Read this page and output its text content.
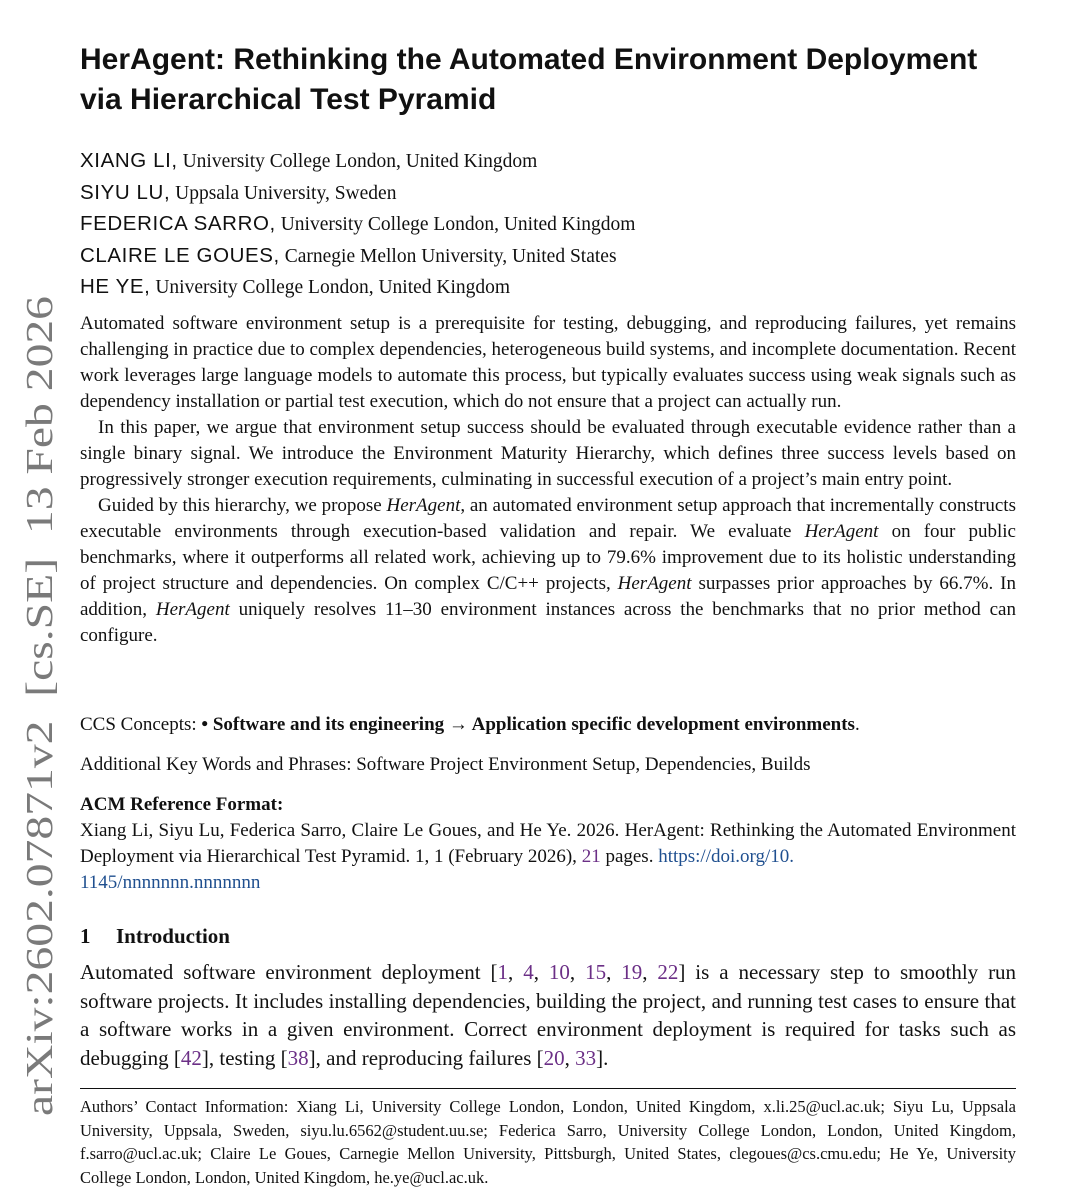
arXiv:2602.07871v2  [cs.SE]  13 Feb 2026
HerAgent: Rethinking the Automated Environment Deployment via Hierarchical Test Pyramid
XIANG LI, University College London, United Kingdom
SIYU LU, Uppsala University, Sweden
FEDERICA SARRO, University College London, United Kingdom
CLAIRE LE GOUES, Carnegie Mellon University, United States
HE YE, University College London, United Kingdom

Automated software environment setup is a prerequisite for testing, debugging, and reproducing failures, yet remains challenging in practice due to complex dependencies, heterogeneous build systems, and incomplete documentation. Recent work leverages large language models to automate this process, but typically evaluates success using weak signals such as dependency installation or partial test execution, which do not ensure that a project can actually run.

In this paper, we argue that environment setup success should be evaluated through executable evidence rather than a single binary signal. We introduce the Environment Maturity Hierarchy, which defines three success levels based on progressively stronger execution requirements, culminating in successful execution of a project’s main entry point.

Guided by this hierarchy, we propose HerAgent, an automated environment setup approach that incrementally constructs executable environments through execution-based validation and repair. We evaluate HerAgent on four public benchmarks, where it outperforms all related work, achieving up to 79.6% improvement due to its holistic understanding of project structure and dependencies. On complex C/C++ projects, HerAgent surpasses prior approaches by 66.7%. In addition, HerAgent uniquely resolves 11–30 environment instances across the benchmarks that no prior method can configure.

CCS Concepts: • Software and its engineering → Application specific development environments.
Additional Key Words and Phrases: Software Project Environment Setup, Dependencies, Builds
ACM Reference Format:

Xiang Li, Siyu Lu, Federica Sarro, Claire Le Goues, and He Ye. 2026. HerAgent: Rethinking the Automated Environment Deployment via Hierarchical Test Pyramid. 1, 1 (February 2026), 21 pages. https://doi.org/10.
1145/nnnnnnn.nnnnnnn

1 Introduction

Automated software environment deployment [1, 4, 10, 15, 19, 22] is a necessary step to smoothly run software projects. It includes installing dependencies, building the project, and running test cases to ensure that a software works in a given environment. Correct environment deployment is required for tasks such as debugging [42], testing [38], and reproducing failures [20, 33].

Authors’ Contact Information: Xiang Li, University College London, London, United Kingdom, x.li.25@ucl.ac.uk; Siyu Lu, Uppsala University, Uppsala, Sweden, siyu.lu.6562@student.uu.se; Federica Sarro, University College London, London, United Kingdom, f.sarro@ucl.ac.uk; Claire Le Goues, Carnegie Mellon University, Pittsburgh, United States, clegoues@cs.cmu.edu; He Ye, University College London, London, United Kingdom, he.ye@ucl.ac.uk.
